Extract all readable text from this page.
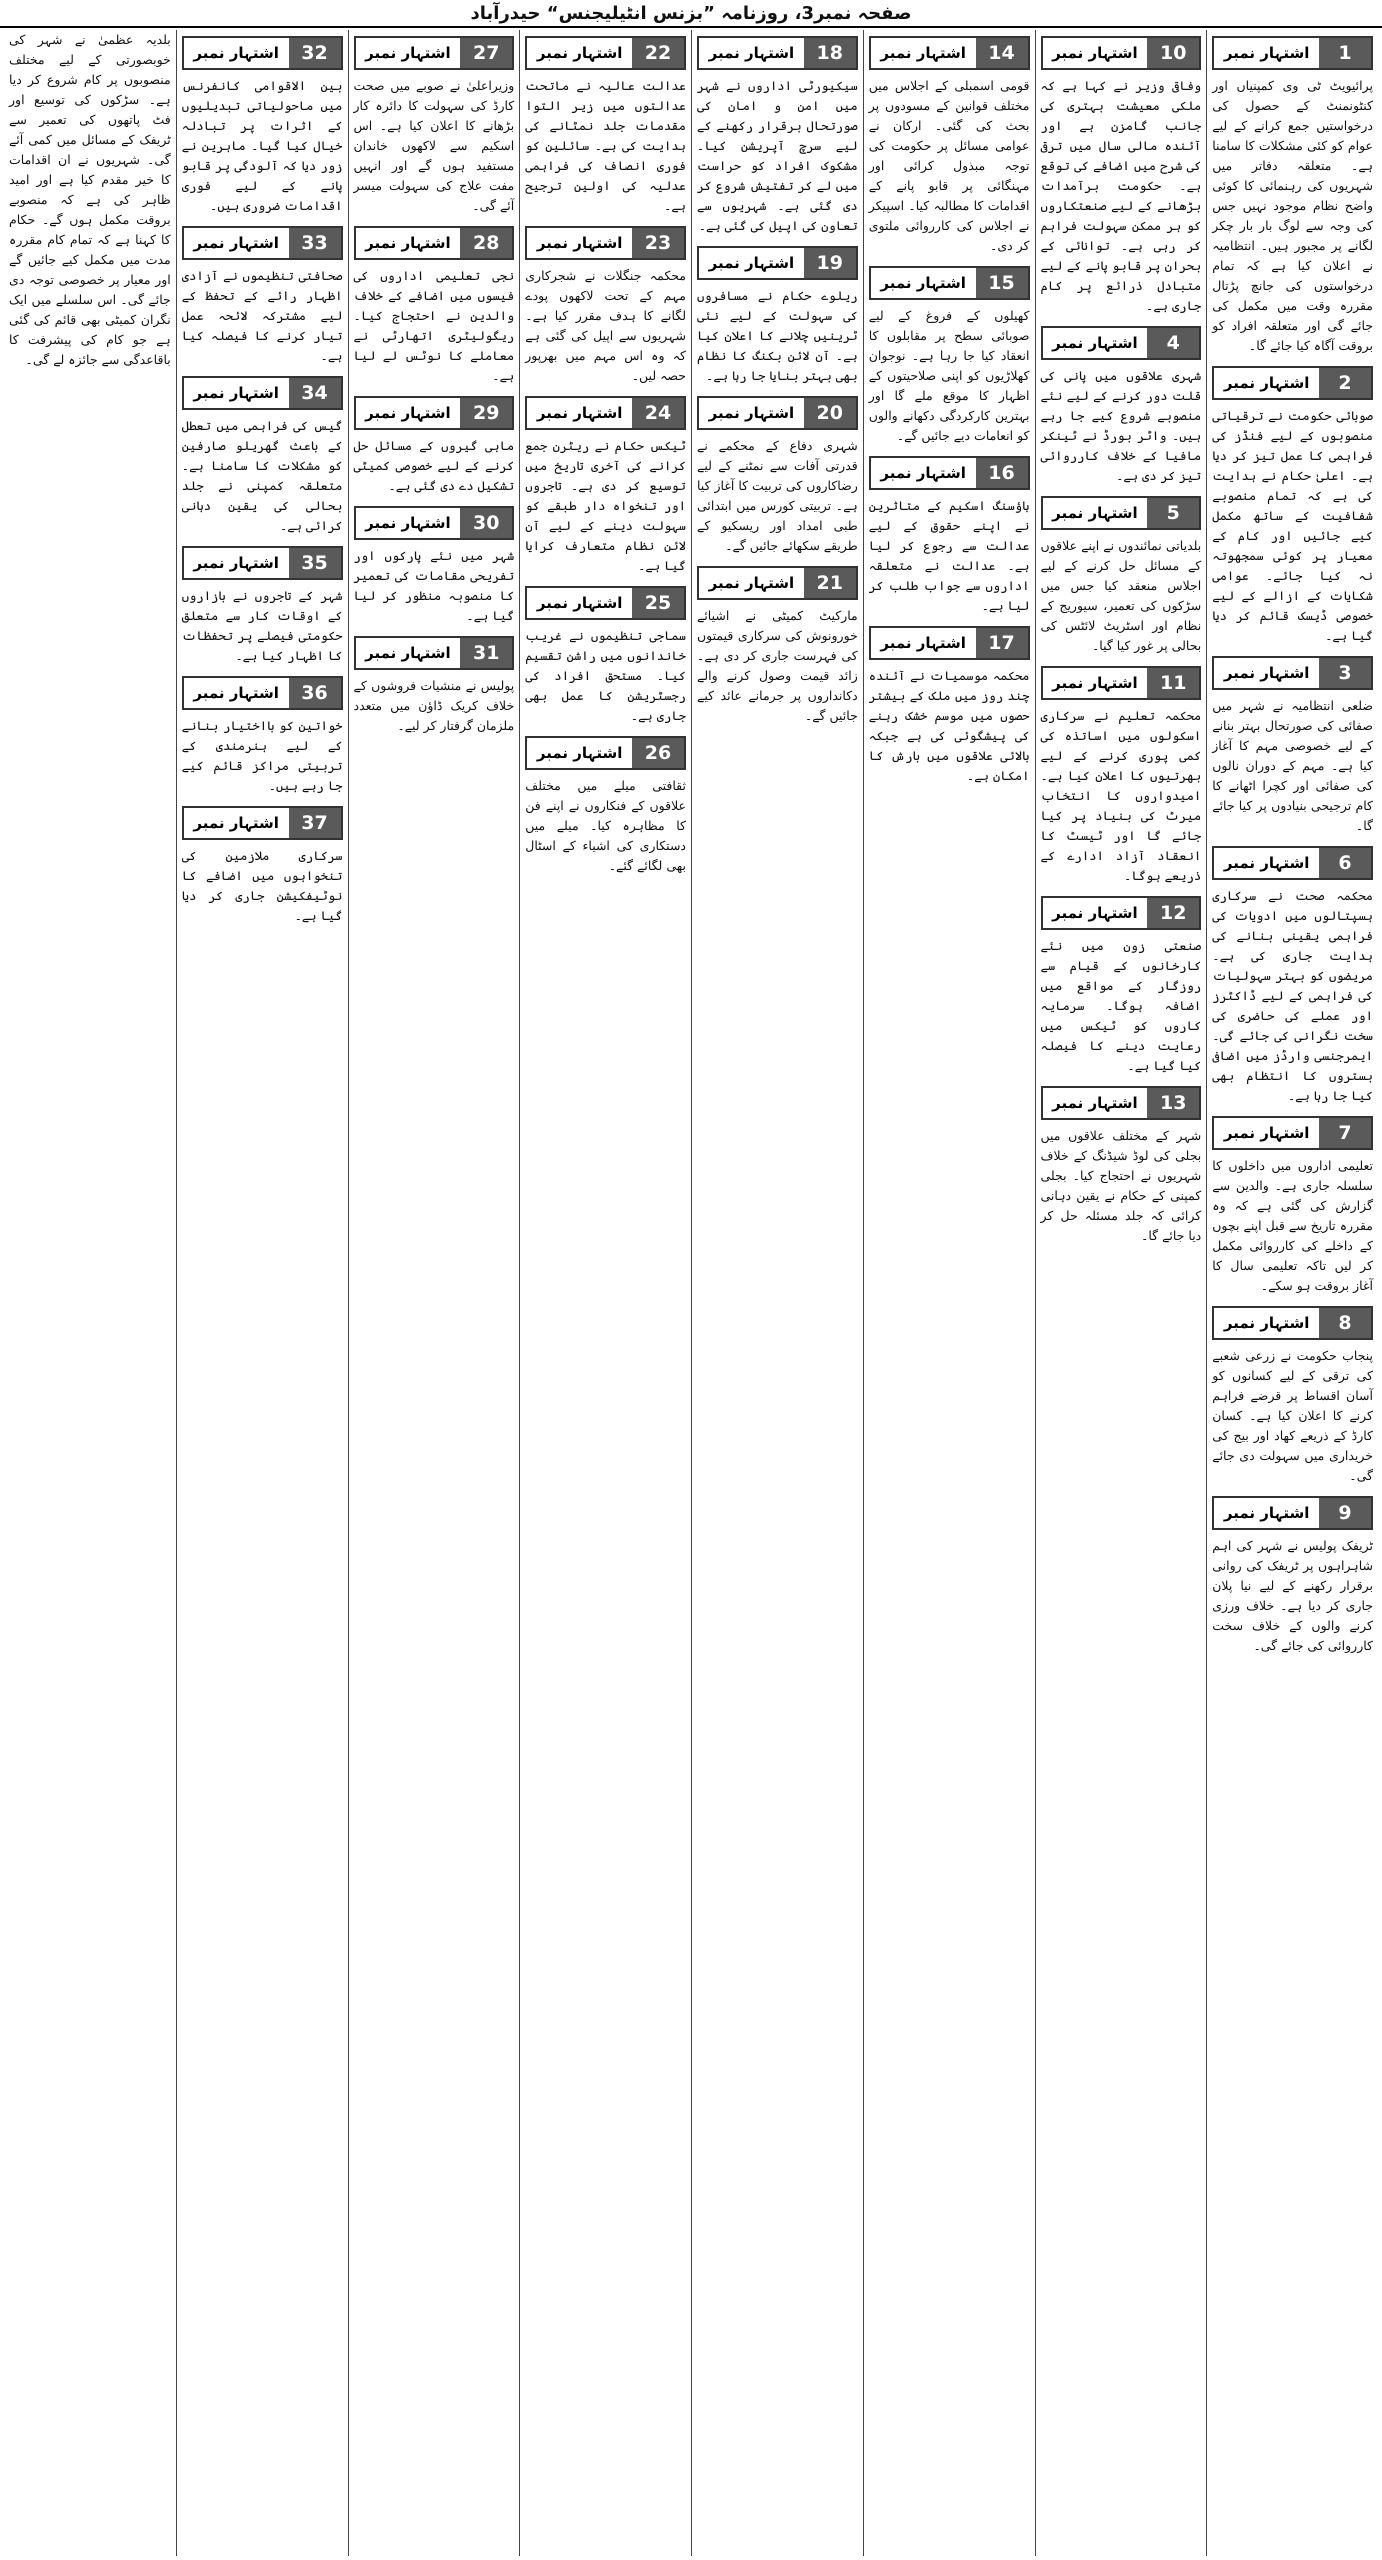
صفحہ نمبر3، روزنامہ ”بزنس انٹیلیجنس“ حیدرآباد
1
اشتہار نمبر
پرائیویٹ ٹی وی کمپنیاں اور کنٹونمنٹ کے حصول کی درخواستیں جمع کرانے کے لیے عوام کو کئی مشکلات کا سامنا ہے۔ متعلقہ دفاتر میں شہریوں کی رہنمائی کا کوئی واضح نظام موجود نہیں جس کی وجہ سے لوگ بار بار چکر لگانے پر مجبور ہیں۔ انتظامیہ نے اعلان کیا ہے کہ تمام درخواستوں کی جانچ پڑتال مقررہ وقت میں مکمل کی جائے گی اور متعلقہ افراد کو بروقت آگاہ کیا جائے گا۔
2
اشتہار نمبر
صوبائی حکومت نے ترقیاتی منصوبوں کے لیے فنڈز کی فراہمی کا عمل تیز کر دیا ہے۔ اعلیٰ حکام نے ہدایت کی ہے کہ تمام منصوبے شفافیت کے ساتھ مکمل کیے جائیں اور کام کے معیار پر کوئی سمجھوتہ نہ کیا جائے۔ عوامی شکایات کے ازالے کے لیے خصوصی ڈیسک قائم کر دیا گیا ہے۔
3
اشتہار نمبر
ضلعی انتظامیہ نے شہر میں صفائی کی صورتحال بہتر بنانے کے لیے خصوصی مہم کا آغاز کیا ہے۔ مہم کے دوران نالوں کی صفائی اور کچرا اٹھانے کا کام ترجیحی بنیادوں پر کیا جائے گا۔
6
اشتہار نمبر
محکمہ صحت نے سرکاری ہسپتالوں میں ادویات کی فراہمی یقینی بنانے کی ہدایت جاری کی ہے۔ مریضوں کو بہتر سہولیات کی فراہمی کے لیے ڈاکٹرز اور عملے کی حاضری کی سخت نگرانی کی جائے گی۔ ایمرجنسی وارڈز میں اضافی بستروں کا انتظام بھی کیا جا رہا ہے۔
7
اشتہار نمبر
تعلیمی اداروں میں داخلوں کا سلسلہ جاری ہے۔ والدین سے گزارش کی گئی ہے کہ وہ مقررہ تاریخ سے قبل اپنے بچوں کے داخلے کی کارروائی مکمل کر لیں تاکہ تعلیمی سال کا آغاز بروقت ہو سکے۔
8
اشتہار نمبر
پنجاب حکومت نے زرعی شعبے کی ترقی کے لیے کسانوں کو آسان اقساط پر قرضے فراہم کرنے کا اعلان کیا ہے۔ کسان کارڈ کے ذریعے کھاد اور بیج کی خریداری میں سہولت دی جائے گی۔
9
اشتہار نمبر
ٹریفک پولیس نے شہر کی اہم شاہراہوں پر ٹریفک کی روانی برقرار رکھنے کے لیے نیا پلان جاری کر دیا ہے۔ خلاف ورزی کرنے والوں کے خلاف سخت کارروائی کی جائے گی۔
10
اشتہار نمبر
وفاقی وزیر نے کہا ہے کہ ملکی معیشت بہتری کی جانب گامزن ہے اور آئندہ مالی سال میں ترقی کی شرح میں اضافے کی توقع ہے۔ حکومت برآمدات بڑھانے کے لیے صنعتکاروں کو ہر ممکن سہولت فراہم کر رہی ہے۔ توانائی کے بحران پر قابو پانے کے لیے متبادل ذرائع پر کام جاری ہے۔
4
اشتہار نمبر
شہری علاقوں میں پانی کی قلت دور کرنے کے لیے نئے منصوبے شروع کیے جا رہے ہیں۔ واٹر بورڈ نے ٹینکر مافیا کے خلاف کارروائی تیز کر دی ہے۔
5
اشتہار نمبر
بلدیاتی نمائندوں نے اپنے علاقوں کے مسائل حل کرنے کے لیے اجلاس منعقد کیا جس میں سڑکوں کی تعمیر، سیوریج کے نظام اور اسٹریٹ لائٹس کی بحالی پر غور کیا گیا۔
11
اشتہار نمبر
محکمہ تعلیم نے سرکاری اسکولوں میں اساتذہ کی کمی پوری کرنے کے لیے بھرتیوں کا اعلان کیا ہے۔ امیدواروں کا انتخاب میرٹ کی بنیاد پر کیا جائے گا اور ٹیسٹ کا انعقاد آزاد ادارے کے ذریعے ہوگا۔
12
اشتہار نمبر
صنعتی زون میں نئے کارخانوں کے قیام سے روزگار کے مواقع میں اضافہ ہوگا۔ سرمایہ کاروں کو ٹیکس میں رعایت دینے کا فیصلہ کیا گیا ہے۔
13
اشتہار نمبر
شہر کے مختلف علاقوں میں بجلی کی لوڈ شیڈنگ کے خلاف شہریوں نے احتجاج کیا۔ بجلی کمپنی کے حکام نے یقین دہانی کرائی کہ جلد مسئلہ حل کر دیا جائے گا۔
14
اشتہار نمبر
قومی اسمبلی کے اجلاس میں مختلف قوانین کے مسودوں پر بحث کی گئی۔ ارکان نے عوامی مسائل پر حکومت کی توجہ مبذول کرائی اور مہنگائی پر قابو پانے کے اقدامات کا مطالبہ کیا۔ اسپیکر نے اجلاس کی کارروائی ملتوی کر دی۔
15
اشتہار نمبر
کھیلوں کے فروغ کے لیے صوبائی سطح پر مقابلوں کا انعقاد کیا جا رہا ہے۔ نوجوان کھلاڑیوں کو اپنی صلاحیتوں کے اظہار کا موقع ملے گا اور بہترین کارکردگی دکھانے والوں کو انعامات دیے جائیں گے۔
16
اشتہار نمبر
ہاؤسنگ اسکیم کے متاثرین نے اپنے حقوق کے لیے عدالت سے رجوع کر لیا ہے۔ عدالت نے متعلقہ اداروں سے جواب طلب کر لیا ہے۔
17
اشتہار نمبر
محکمہ موسمیات نے آئندہ چند روز میں ملک کے بیشتر حصوں میں موسم خشک رہنے کی پیشگوئی کی ہے جبکہ بالائی علاقوں میں بارش کا امکان ہے۔
18
اشتہار نمبر
سیکیورٹی اداروں نے شہر میں امن و امان کی صورتحال برقرار رکھنے کے لیے سرچ آپریشن کیا۔ مشکوک افراد کو حراست میں لے کر تفتیش شروع کر دی گئی ہے۔ شہریوں سے تعاون کی اپیل کی گئی ہے۔
19
اشتہار نمبر
ریلوے حکام نے مسافروں کی سہولت کے لیے نئی ٹرینیں چلانے کا اعلان کیا ہے۔ آن لائن بکنگ کا نظام بھی بہتر بنایا جا رہا ہے۔
20
اشتہار نمبر
شہری دفاع کے محکمے نے قدرتی آفات سے نمٹنے کے لیے رضاکاروں کی تربیت کا آغاز کیا ہے۔ تربیتی کورس میں ابتدائی طبی امداد اور ریسکیو کے طریقے سکھائے جائیں گے۔
21
اشتہار نمبر
مارکیٹ کمیٹی نے اشیائے خورونوش کی سرکاری قیمتوں کی فہرست جاری کر دی ہے۔ زائد قیمت وصول کرنے والے دکانداروں پر جرمانے عائد کیے جائیں گے۔
22
اشتہار نمبر
عدالت عالیہ نے ماتحت عدالتوں میں زیر التوا مقدمات جلد نمٹانے کی ہدایت کی ہے۔ سائلین کو فوری انصاف کی فراہمی عدلیہ کی اولین ترجیح ہے۔
23
اشتہار نمبر
محکمہ جنگلات نے شجرکاری مہم کے تحت لاکھوں پودے لگانے کا ہدف مقرر کیا ہے۔ شہریوں سے اپیل کی گئی ہے کہ وہ اس مہم میں بھرپور حصہ لیں۔
24
اشتہار نمبر
ٹیکس حکام نے ریٹرن جمع کرانے کی آخری تاریخ میں توسیع کر دی ہے۔ تاجروں اور تنخواہ دار طبقے کو سہولت دینے کے لیے آن لائن نظام متعارف کرایا گیا ہے۔
25
اشتہار نمبر
سماجی تنظیموں نے غریب خاندانوں میں راشن تقسیم کیا۔ مستحق افراد کی رجسٹریشن کا عمل بھی جاری ہے۔
26
اشتہار نمبر
ثقافتی میلے میں مختلف علاقوں کے فنکاروں نے اپنے فن کا مظاہرہ کیا۔ میلے میں دستکاری کی اشیاء کے اسٹال بھی لگائے گئے۔
27
اشتہار نمبر
وزیراعلیٰ نے صوبے میں صحت کارڈ کی سہولت کا دائرہ کار بڑھانے کا اعلان کیا ہے۔ اس اسکیم سے لاکھوں خاندان مستفید ہوں گے اور انہیں مفت علاج کی سہولت میسر آئے گی۔
28
اشتہار نمبر
نجی تعلیمی اداروں کی فیسوں میں اضافے کے خلاف والدین نے احتجاج کیا۔ ریگولیٹری اتھارٹی نے معاملے کا نوٹس لے لیا ہے۔
29
اشتہار نمبر
ماہی گیروں کے مسائل حل کرنے کے لیے خصوصی کمیٹی تشکیل دے دی گئی ہے۔
30
اشتہار نمبر
شہر میں نئے پارکوں اور تفریحی مقامات کی تعمیر کا منصوبہ منظور کر لیا گیا ہے۔
31
اشتہار نمبر
پولیس نے منشیات فروشوں کے خلاف کریک ڈاؤن میں متعدد ملزمان گرفتار کر لیے۔
32
اشتہار نمبر
بین الاقوامی کانفرنس میں ماحولیاتی تبدیلیوں کے اثرات پر تبادلہ خیال کیا گیا۔ ماہرین نے زور دیا کہ آلودگی پر قابو پانے کے لیے فوری اقدامات ضروری ہیں۔
33
اشتہار نمبر
صحافتی تنظیموں نے آزادی اظہار رائے کے تحفظ کے لیے مشترکہ لائحہ عمل تیار کرنے کا فیصلہ کیا ہے۔
34
اشتہار نمبر
گیس کی فراہمی میں تعطل کے باعث گھریلو صارفین کو مشکلات کا سامنا ہے۔ متعلقہ کمپنی نے جلد بحالی کی یقین دہانی کرائی ہے۔
35
اشتہار نمبر
شہر کے تاجروں نے بازاروں کے اوقات کار سے متعلق حکومتی فیصلے پر تحفظات کا اظہار کیا ہے۔
36
اشتہار نمبر
خواتین کو بااختیار بنانے کے لیے ہنرمندی کے تربیتی مراکز قائم کیے جا رہے ہیں۔
37
اشتہار نمبر
سرکاری ملازمین کی تنخواہوں میں اضافے کا نوٹیفکیشن جاری کر دیا گیا ہے۔
بلدیہ عظمیٰ نے شہر کی خوبصورتی کے لیے مختلف منصوبوں پر کام شروع کر دیا ہے۔ سڑکوں کی توسیع اور فٹ پاتھوں کی تعمیر سے ٹریفک کے مسائل میں کمی آئے گی۔ شہریوں نے ان اقدامات کا خیر مقدم کیا ہے اور امید ظاہر کی ہے کہ منصوبے بروقت مکمل ہوں گے۔ حکام کا کہنا ہے کہ تمام کام مقررہ مدت میں مکمل کیے جائیں گے اور معیار پر خصوصی توجہ دی جائے گی۔ اس سلسلے میں ایک نگران کمیٹی بھی قائم کی گئی ہے جو کام کی پیشرفت کا باقاعدگی سے جائزہ لے گی۔
